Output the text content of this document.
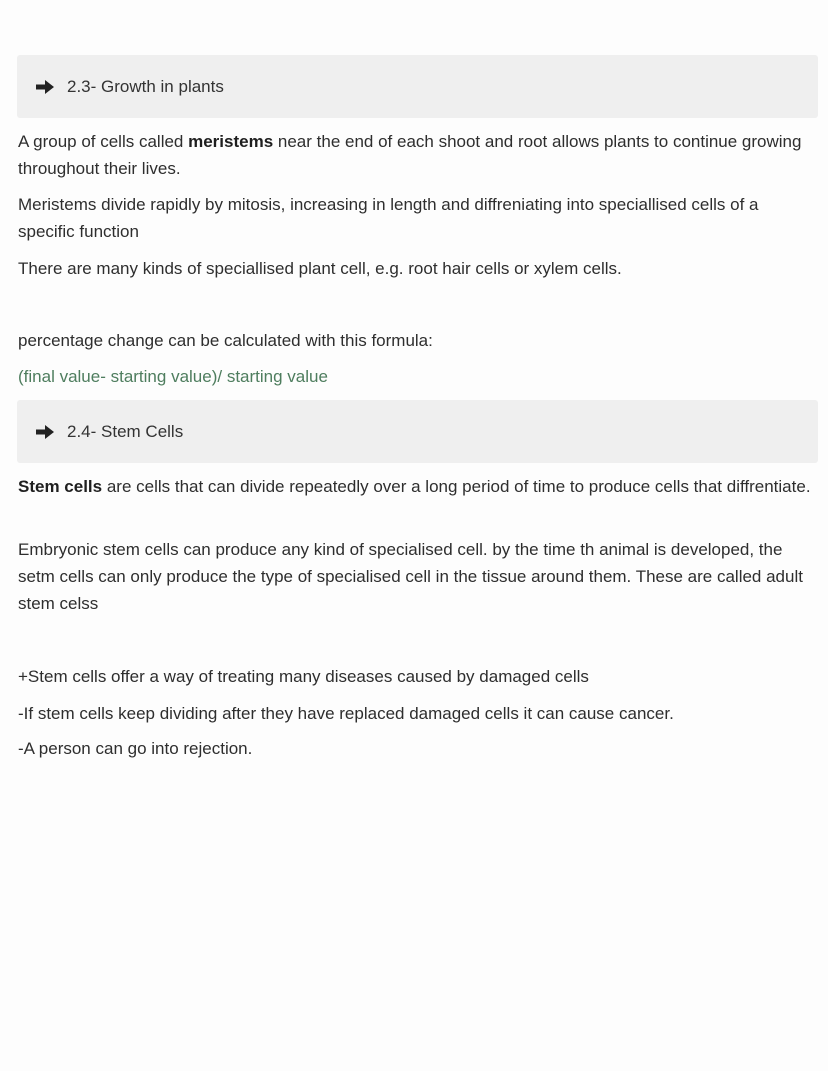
2.3- Growth in plants

A group of cells called meristems near the end of each shoot and root allows plants to continue growing throughout their lives.

Meristems divide rapidly by mitosis, increasing in length and diffreniating into speciallised cells of a specific function

There are many kinds of speciallised plant cell, e.g. root hair cells or xylem cells.

percentage change can be calculated with this formula:

(final value- starting value)/ starting value

2.4- Stem Cells

Stem cells are cells that can divide repeatedly over a long period of time to produce cells that diffrentiate.

Embryonic stem cells can produce any kind of specialised cell. by the time th animal is developed, the setm cells can only produce the type of specialised cell in the tissue around them. These are called adult stem celss

+Stem cells offer a way of treating many diseases caused by damaged cells

-If stem cells keep dividing after they have replaced damaged cells it can cause cancer.

-A person can go into rejection.
